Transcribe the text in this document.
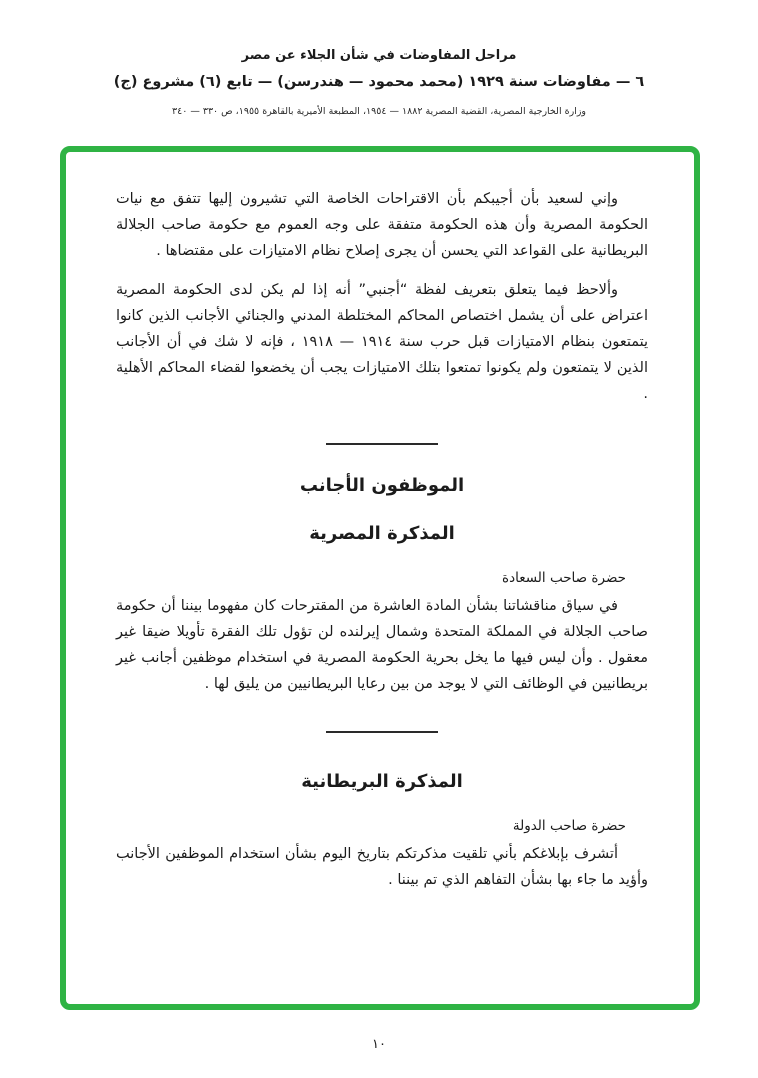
مراحل المفاوضات في شأن الجلاء عن مصر
٦ — مفاوضات سنة ١٩٢٩ (محمد محمود — هندرسن) — تابع (٦) مشروع (ج)
وزارة الخارجية المصرية، القضية المصرية ١٨٨٢ — ١٩٥٤، المطبعة الأميرية بالقاهرة ١٩٥٥، ص ٣٣٠ — ٣٤٠

وإني لسعيد بأن أجيبكم بأن الاقتراحات الخاصة التي تشيرون إليها تتفق مع نيات الحكومة المصرية وأن هذه الحكومة متفقة على وجه العموم مع حكومة صاحب الجلالة البريطانية على القواعد التي يحسن أن يجرى إصلاح نظام الامتيازات على مقتضاها .

وألاحظ فيما يتعلق بتعريف لفظة “أجنبي” أنه إذا لم يكن لدى الحكومة المصرية اعتراض على أن يشمل اختصاص المحاكم المختلطة المدني والجنائي الأجانب الذين كانوا يتمتعون بنظام الامتيازات قبل حرب سنة ١٩١٤ — ١٩١٨ ، فإنه لا شك في أن الأجانب الذين لا يتمتعون ولم يكونوا تمتعوا بتلك الامتيازات يجب أن يخضعوا لقضاء المحاكم الأهلية .

الموظفون الأجانب
المذكرة المصرية

حضرة صاحب السعادة

في سياق مناقشاتنا بشأن المادة العاشرة من المقترحات كان مفهوما بيننا أن حكومة صاحب الجلالة في المملكة المتحدة وشمال إيرلنده لن تؤول تلك الفقرة تأويلا ضيقا غير معقول . وأن ليس فيها ما يخل بحرية الحكومة المصرية في استخدام موظفين أجانب غير بريطانيين في الوظائف التي لا يوجد من بين رعايا البريطانيين من يليق لها .

المذكرة البريطانية

حضرة صاحب الدولة

أتشرف بإبلاغكم بأني تلقيت مذكرتكم بتاريخ اليوم بشأن استخدام الموظفين الأجانب وأؤيد ما جاء بها بشأن التفاهم الذي تم بيننا .

١٠
